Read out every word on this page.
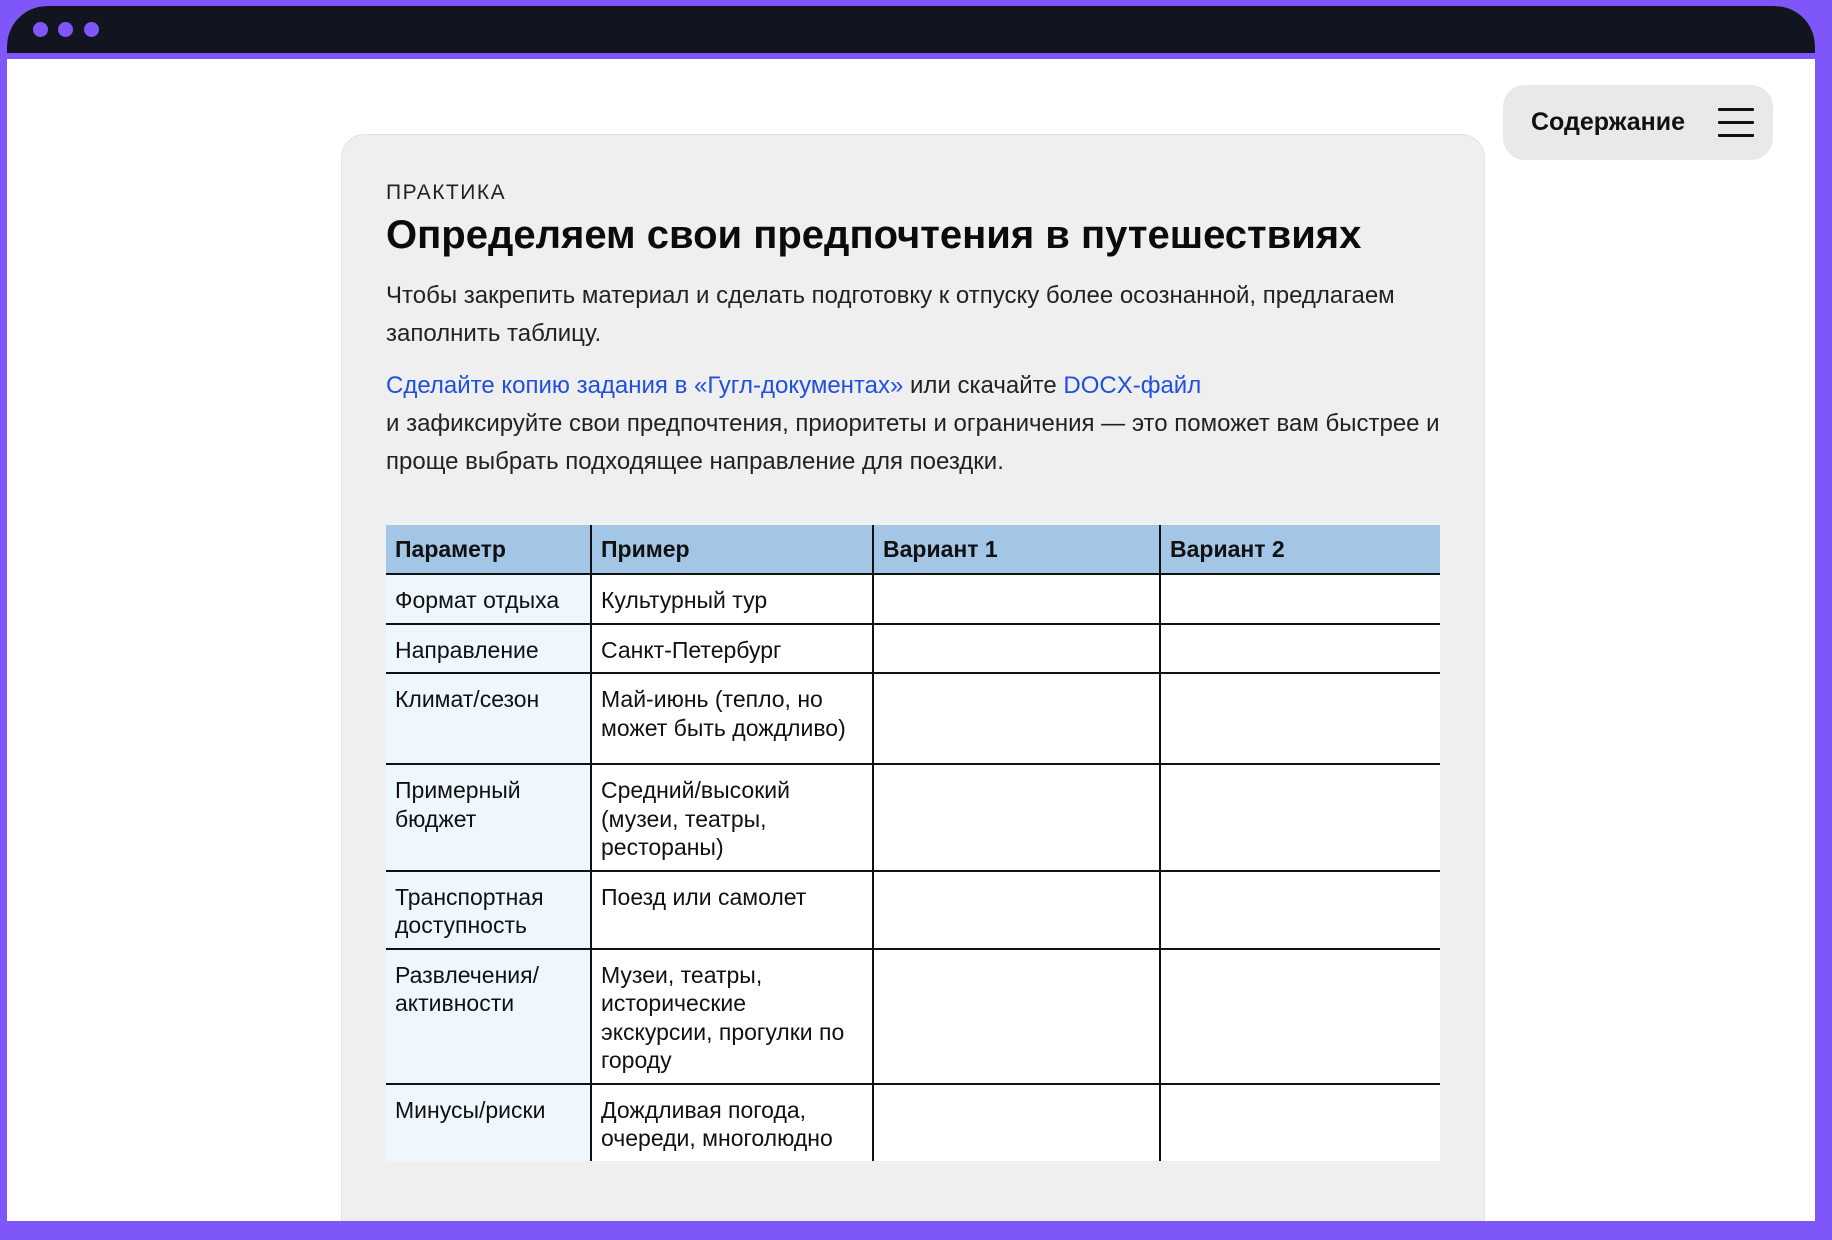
Содержание
ПРАКТИКА
Определяем свои предпочтения в путешествиях
Чтобы закрепить материал и сделать подготовку к отпуску более осознанной, предлагаем заполнить таблицу.
Сделайте копию задания в «Гугл-документах» или скачайте DOCX-файл
и зафиксируйте свои предпочтения, приоритеты и ограничения — это поможет вам быстрее и проще выбрать подходящее направление для поездки.
Параметр	Пример	Вариант 1	Вариант 2
Формат отдыха	Культурный тур		
Направление	Санкт-Петербург		
Климат/сезон	Май-июнь (тепло, но может быть дождливо)		
Примерный бюджет	Средний/высокий (музеи, театры, рестораны)		
Транспортная доступность	Поезд или самолет		
Развлечения/ активности	Музеи, театры, исторические экскурсии, прогулки по городу		
Минусы/риски	Дождливая погода, очереди, многолюдно		
